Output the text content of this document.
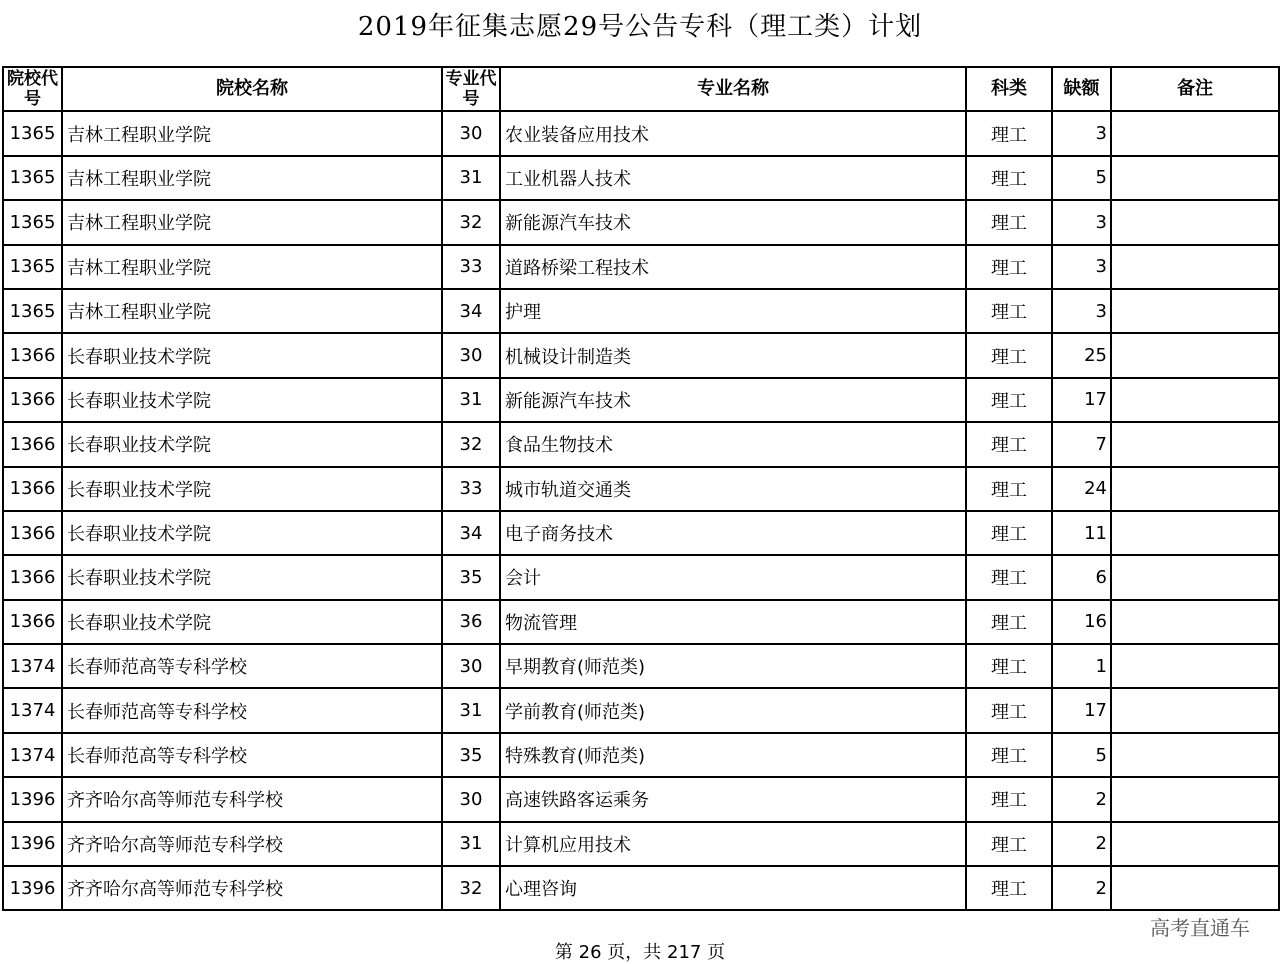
2019年征集志愿29号公告专科（理工类）计划
院校代号	院校名称	专业代号	专业名称	科类	缺额	备注
1365	吉林工程职业学院	30	农业装备应用技术	理工	3	
1365	吉林工程职业学院	31	工业机器人技术	理工	5	
1365	吉林工程职业学院	32	新能源汽车技术	理工	3	
1365	吉林工程职业学院	33	道路桥梁工程技术	理工	3	
1365	吉林工程职业学院	34	护理	理工	3	
1366	长春职业技术学院	30	机械设计制造类	理工	25	
1366	长春职业技术学院	31	新能源汽车技术	理工	17	
1366	长春职业技术学院	32	食品生物技术	理工	7	
1366	长春职业技术学院	33	城市轨道交通类	理工	24	
1366	长春职业技术学院	34	电子商务技术	理工	11	
1366	长春职业技术学院	35	会计	理工	6	
1366	长春职业技术学院	36	物流管理	理工	16	
1374	长春师范高等专科学校	30	早期教育(师范类)	理工	1	
1374	长春师范高等专科学校	31	学前教育(师范类)	理工	17	
1374	长春师范高等专科学校	35	特殊教育(师范类)	理工	5	
1396	齐齐哈尔高等师范专科学校	30	高速铁路客运乘务	理工	2	
1396	齐齐哈尔高等师范专科学校	31	计算机应用技术	理工	2	
1396	齐齐哈尔高等师范专科学校	32	心理咨询	理工	2	
高考直通车
第 26 页，共 217 页
